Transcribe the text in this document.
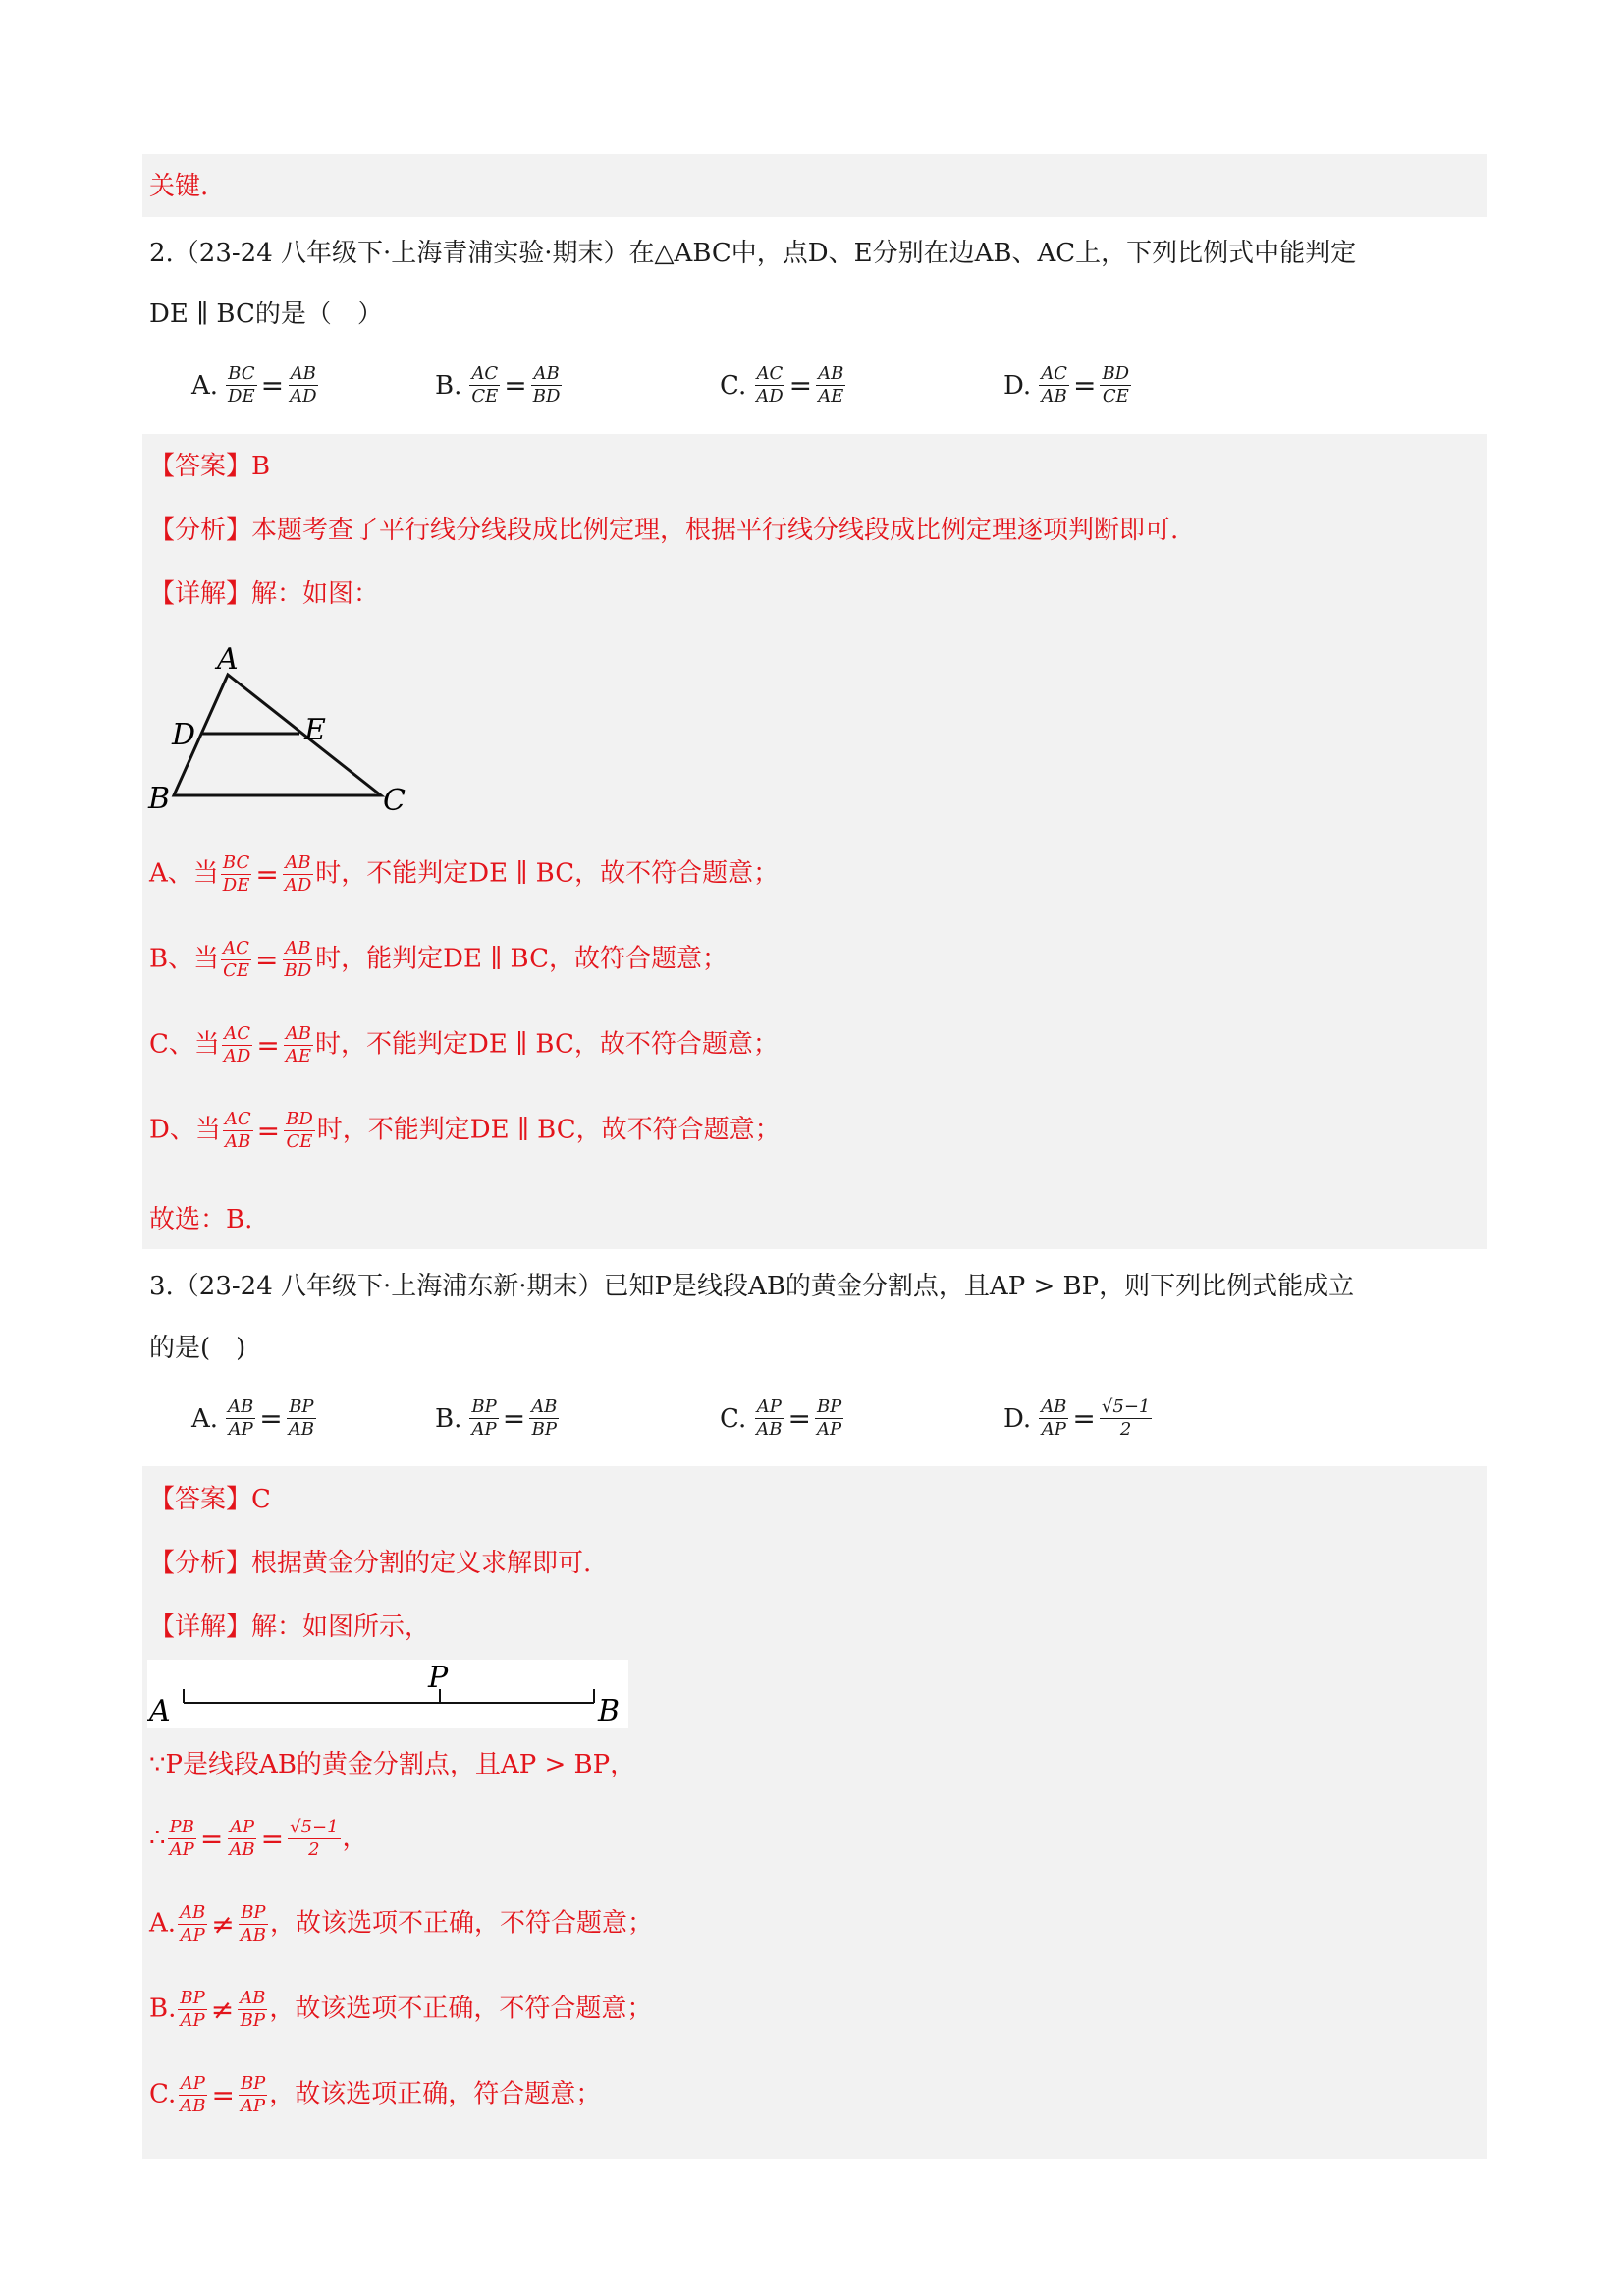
关键.
2.（23-24 八年级下·上海青浦实验·期末）在△ABC中，点D、E分别在边AB、AC上，下列比例式中能判定
DE ∥ BC的是（　）
A. $\frac{BC}{DE} = \frac{AB}{AD}$	B. $\frac{AC}{CE} = \frac{AB}{BD}$	C. $\frac{AC}{AD} = \frac{AB}{AE}$	D. $\frac{AC}{AB} = \frac{BD}{CE}$
【答案】B
【分析】本题考查了平行线分线段成比例定理，根据平行线分线段成比例定理逐项判断即可.
【详解】解：如图：
A
D	E
B	C
A、当 $\frac{BC}{DE} = \frac{AB}{AD}$ 时，不能判定DE ∥ BC，故不符合题意；
B、当 $\frac{AC}{CE} = \frac{AB}{BD}$ 时，能判定DE ∥ BC，故符合题意；
C、当 $\frac{AC}{AD} = \frac{AB}{AE}$ 时，不能判定DE ∥ BC，故不符合题意；
D、当 $\frac{AC}{AB} = \frac{BD}{CE}$ 时，不能判定DE ∥ BC，故不符合题意；
故选：B.
3.（23-24 八年级下·上海浦东新·期末）已知P是线段AB的黄金分割点，且AP > BP，则下列比例式能成立
的是(　)
A. $\frac{AB}{AP} = \frac{BP}{AB}$	B. $\frac{BP}{AP} = \frac{AB}{BP}$	C. $\frac{AP}{AB} = \frac{BP}{AP}$	D. $\frac{AB}{AP} = \frac{√5-1}{2}$
【答案】C
【分析】根据黄金分割的定义求解即可.
【详解】解：如图所示，
A
P
B
∵P是线段AB的黄金分割点，且AP > BP，
∴ $\frac{PB}{AP} = \frac{AP}{AB} = \frac{√5-1}{2}$ ，
A. $\frac{AB}{AP} \ne \frac{BP}{AB}$ ，故该选项不正确，不符合题意；
B. $\frac{BP}{AP} \ne \frac{AB}{BP}$ ，故该选项不正确，不符合题意；
C. $\frac{AP}{AB} = \frac{BP}{AP}$ ，故该选项正确，符合题意；
